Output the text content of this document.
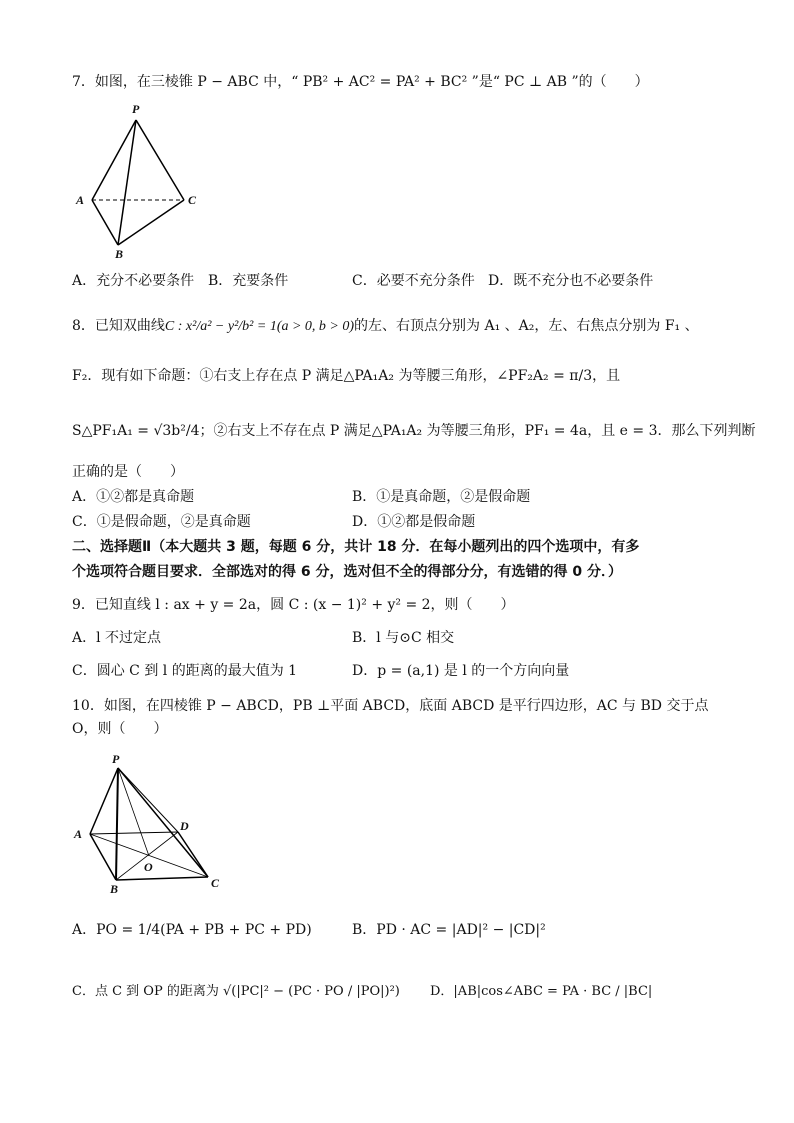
7．如图，在三棱锥 P − ABC 中，“ PB² + AC² = PA² + BC² ”是“ PC ⊥ AB ”的（　　）
P
A
B
C
A．充分不必要条件 B．充要条件	C．必要不充分条件 D．既不充分也不必要条件
8．已知双曲线C : x²/a² − y²/b² = 1(a > 0, b > 0)的左、右顶点分别为 A₁ 、A₂，左、右焦点分别为 F₁ 、
F₂．现有如下命题：①右支上存在点 P 满足△PA₁A₂ 为等腰三角形，∠PF₂A₂ = π/3，且
S△PF₁A₁ = √3b²/4；②右支上不存在点 P 满足△PA₁A₂ 为等腰三角形，PF₁ = 4a，且 e = 3．那么下列判断
正确的是（　　）
A．①②都是真命题	B．①是真命题，②是假命题
C．①是假命题，②是真命题	D．①②都是假命题
二、选择题Ⅱ（本大题共 3 题，每题 6 分，共计 18 分．在每小题列出的四个选项中，有多
个选项符合题目要求．全部选对的得 6 分，选对但不全的得部分分，有选错的得 0 分．）
9．已知直线 l : ax + y = 2a，圆 C : (x − 1)² + y² = 2，则（　　）
A．l 不过定点	B．l 与⊙C 相交
C．圆心 C 到 l 的距离的最大值为 1	D．p = (a,1) 是 l 的一个方向向量
10．如图，在四棱锥 P − ABCD，PB ⊥平面 ABCD，底面 ABCD 是平行四边形，AC 与 BD 交于点
O，则（　　）
P
A
B	C
D
O
A．PO = 1/4(PA + PB + PC + PD)	B．PD · AC = |AD|² − |CD|²
C．点 C 到 OP 的距离为 √(|PC|² − (PC · PO / |PO|)²) D．|AB|cos∠ABC = PA · BC / |BC|
